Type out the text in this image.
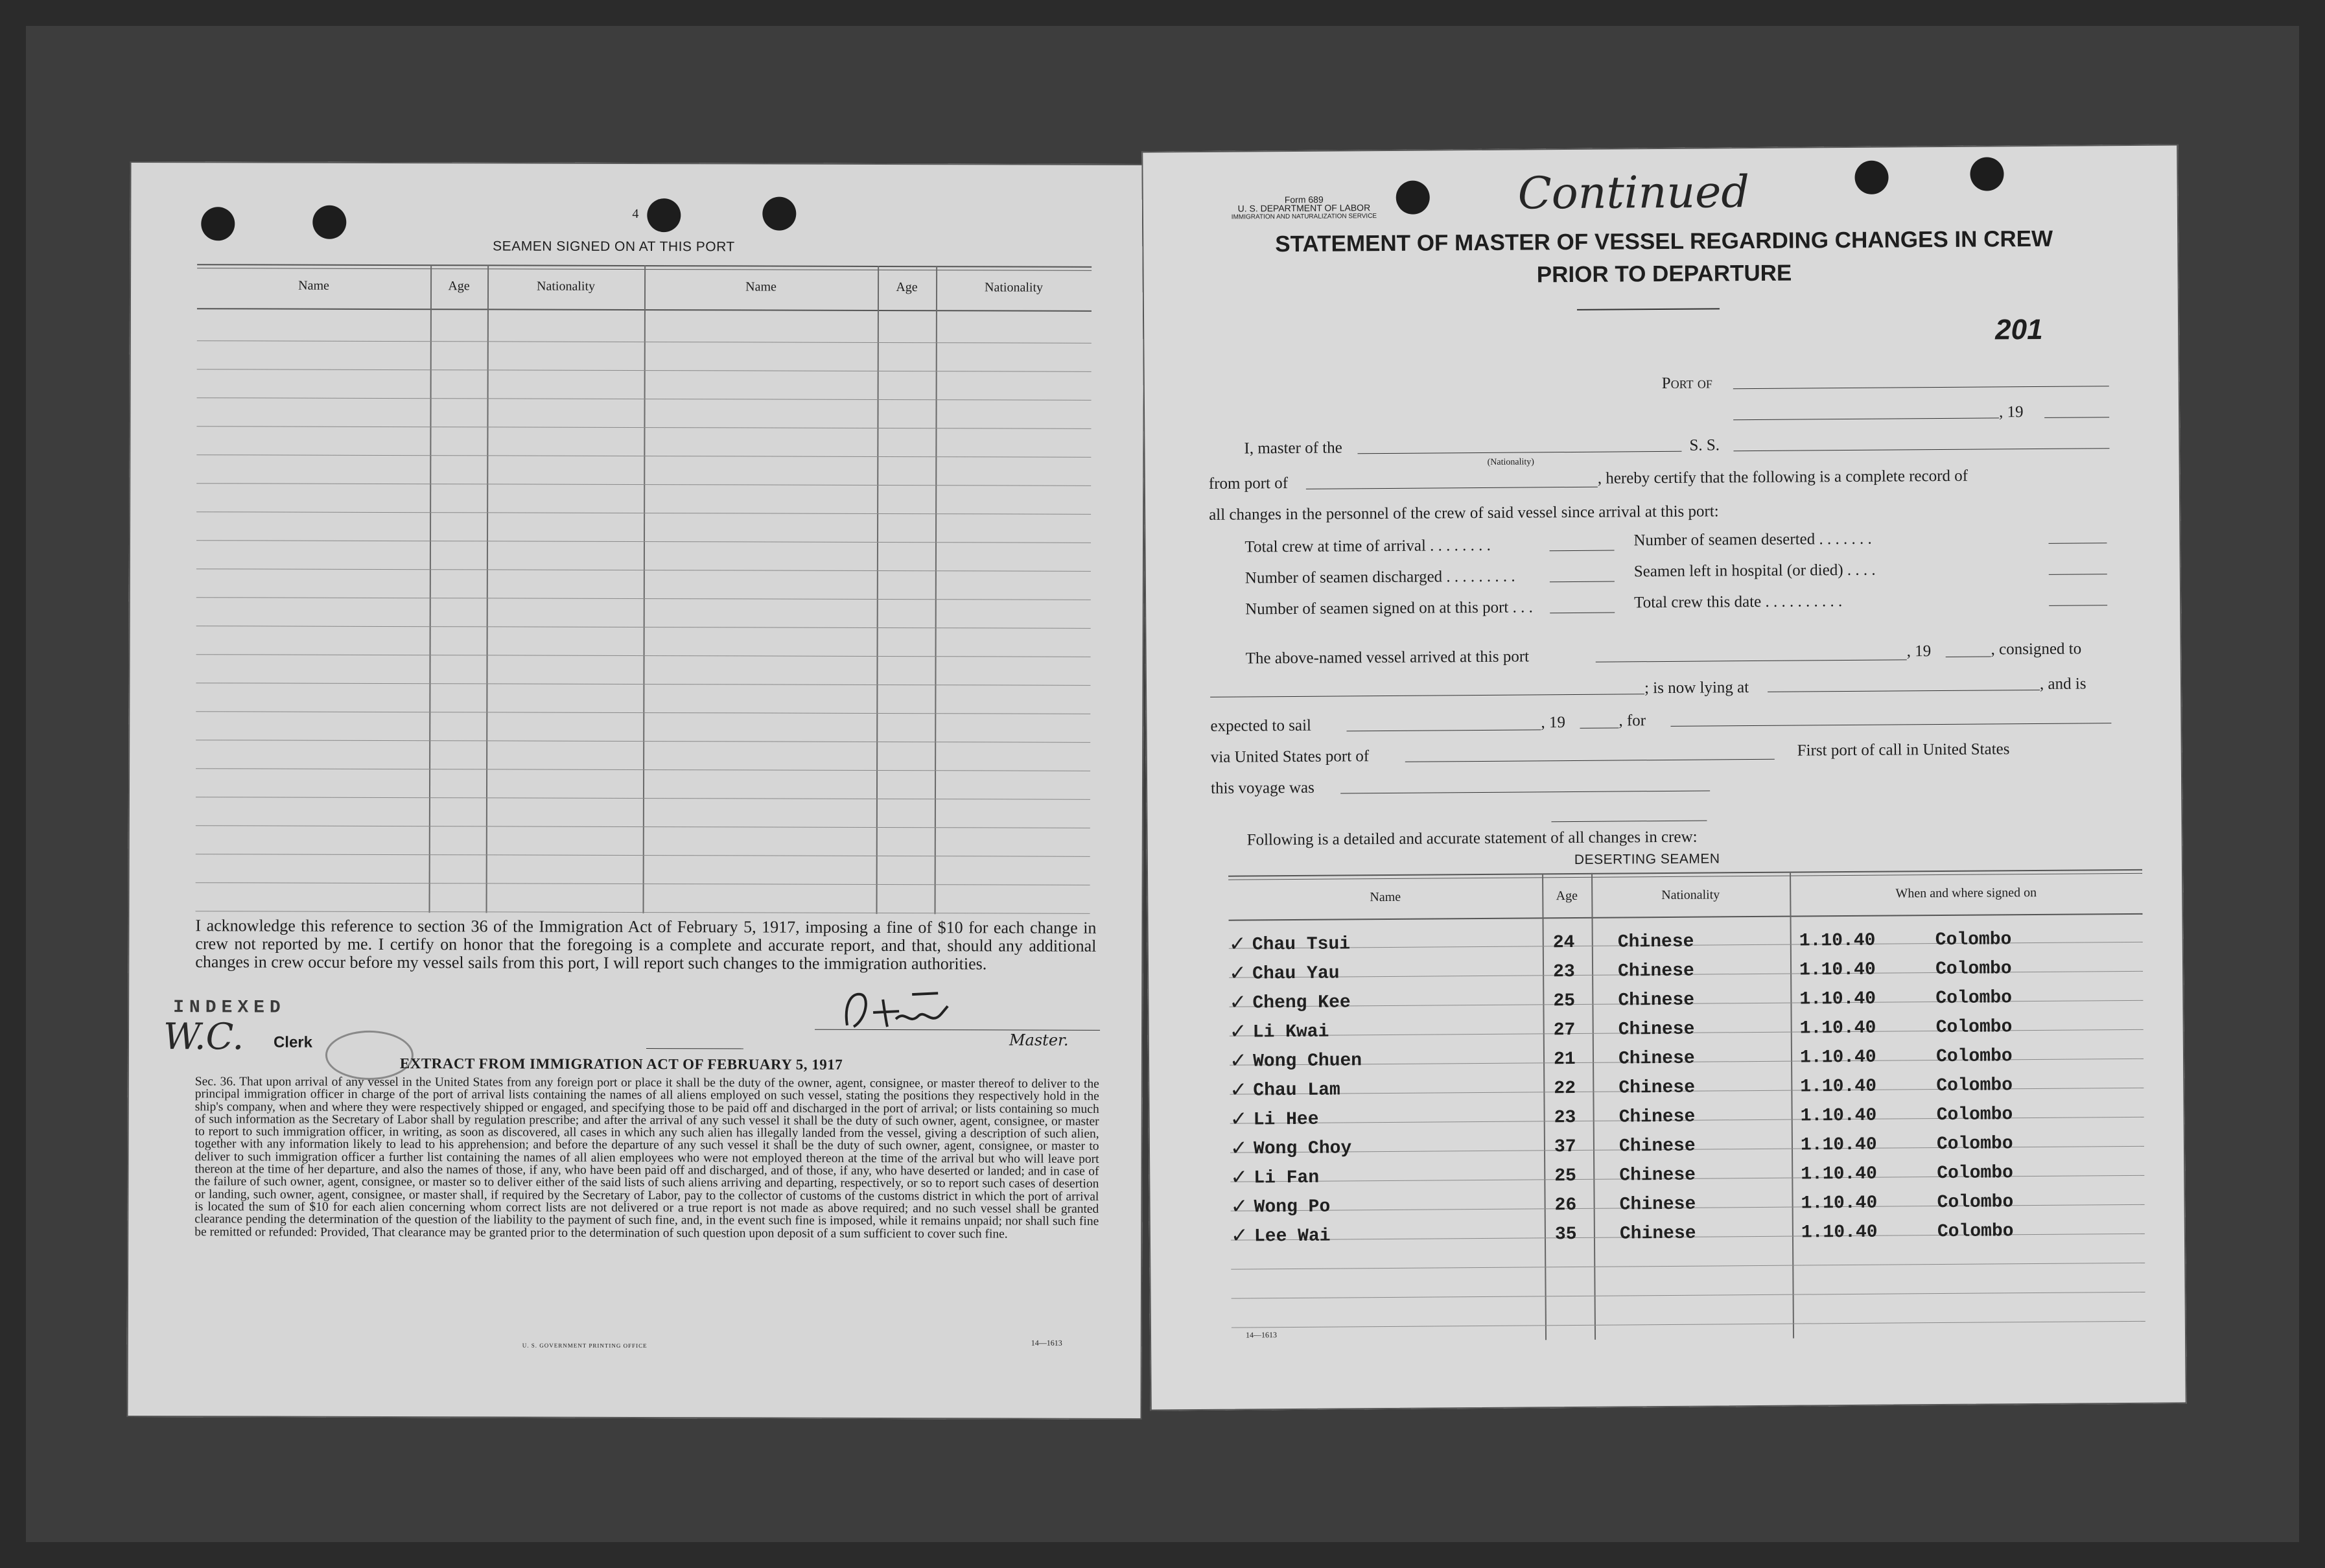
4
SEAMEN SIGNED ON AT THIS PORT
Name	Age	Nationality	Name	Age	Nationality
I acknowledge this reference to section 36 of the Immigration Act of February 5, 1917, imposing a fine of $10 for each change in crew not reported by me. I certify on honor that the foregoing is a complete and accurate report, and that, should any additional changes in crew occur before my vessel sails from this port, I will report such changes to the immigration authorities.
Master.
INDEXED
W.C. Clerk
EXTRACT FROM IMMIGRATION ACT OF FEBRUARY 5, 1917
Sec. 36. That upon arrival of any vessel in the United States from any foreign port or place it shall be the duty of the owner, agent, consignee, or master thereof to deliver to the principal immigration officer in charge of the port of arrival lists containing the names of all aliens employed on such vessel, stating the positions they respectively hold in the ship's company, when and where they were respectively shipped or engaged, and specifying those to be paid off and discharged in the port of arrival; or lists containing so much of such information as the Secretary of Labor shall by regulation prescribe; and after the arrival of any such vessel it shall be the duty of such owner, agent, consignee, or master to report to such immigration officer, in writing, as soon as discovered, all cases in which any such alien has illegally landed from the vessel, giving a description of such alien, together with any information likely to lead to his apprehension; and before the departure of any such vessel it shall be the duty of such owner, agent, consignee, or master to deliver to such immigration officer a further list containing the names of all alien employees who were not employed thereon at the time of the arrival but who will leave port thereon at the time of her departure, and also the names of those, if any, who have been paid off and discharged, and of those, if any, who have deserted or landed; and in case of the failure of such owner, agent, consignee, or master so to deliver either of the said lists of such aliens arriving and departing, respectively, or so to report such cases of desertion or landing, such owner, agent, consignee, or master shall, if required by the Secretary of Labor, pay to the collector of customs of the customs district in which the port of arrival is located the sum of $10 for each alien concerning whom correct lists are not delivered or a true report is not made as above required; and no such vessel shall be granted clearance pending the determination of the question of the liability to the payment of such fine, and, in the event such fine is imposed, while it remains unpaid; nor shall such fine be remitted or refunded: Provided, That clearance may be granted prior to the determination of such question upon deposit of a sum sufficient to cover such fine.
U. S. GOVERNMENT PRINTING OFFICE	14—1613
Form 689
U. S. DEPARTMENT OF LABOR
IMMIGRATION AND NATURALIZATION SERVICE	Continued
STATEMENT OF MASTER OF VESSEL REGARDING CHANGES IN CREW
PRIOR TO DEPARTURE
201
Port of
, 19
I, master of the	S. S.
(Nationality)
from port of	, hereby certify that the following is a complete record of
all changes in the personnel of the crew of said vessel since arrival at this port:
Total crew at time of arrival . . . . . . . .	Number of seamen deserted . . . . . . .
Number of seamen discharged . . . . . . . . .	Seamen left in hospital (or died) . . . .
Number of seamen signed on at this port . . .	Total crew this date . . . . . . . . . .
The above-named vessel arrived at this port	, 19	, consigned to
; is now lying at	, and is
expected to sail	, 19	, for
via United States port of	First port of call in United States
this voyage was
Following is a detailed and accurate statement of all changes in crew:
DESERTING SEAMEN
Name	Age	Nationality	When and where signed on
✓ Chau Tsui	24 Chinese	1.10.40	Colombo
✓ Chau Yau	23 Chinese	1.10.40	Colombo
✓ Cheng Kee	25 Chinese	1.10.40	Colombo
✓ Li Kwai	27 Chinese	1.10.40	Colombo
✓ Wong Chuen	21 Chinese	1.10.40	Colombo
✓ Chau Lam	22 Chinese	1.10.40	Colombo
✓ Li Hee	23 Chinese	1.10.40	Colombo
✓ Wong Choy	37 Chinese	1.10.40	Colombo
✓ Li Fan	25 Chinese	1.10.40	Colombo
✓ Wong Po	26 Chinese	1.10.40	Colombo
✓ Lee Wai	35 Chinese	1.10.40	Colombo
14—1613
